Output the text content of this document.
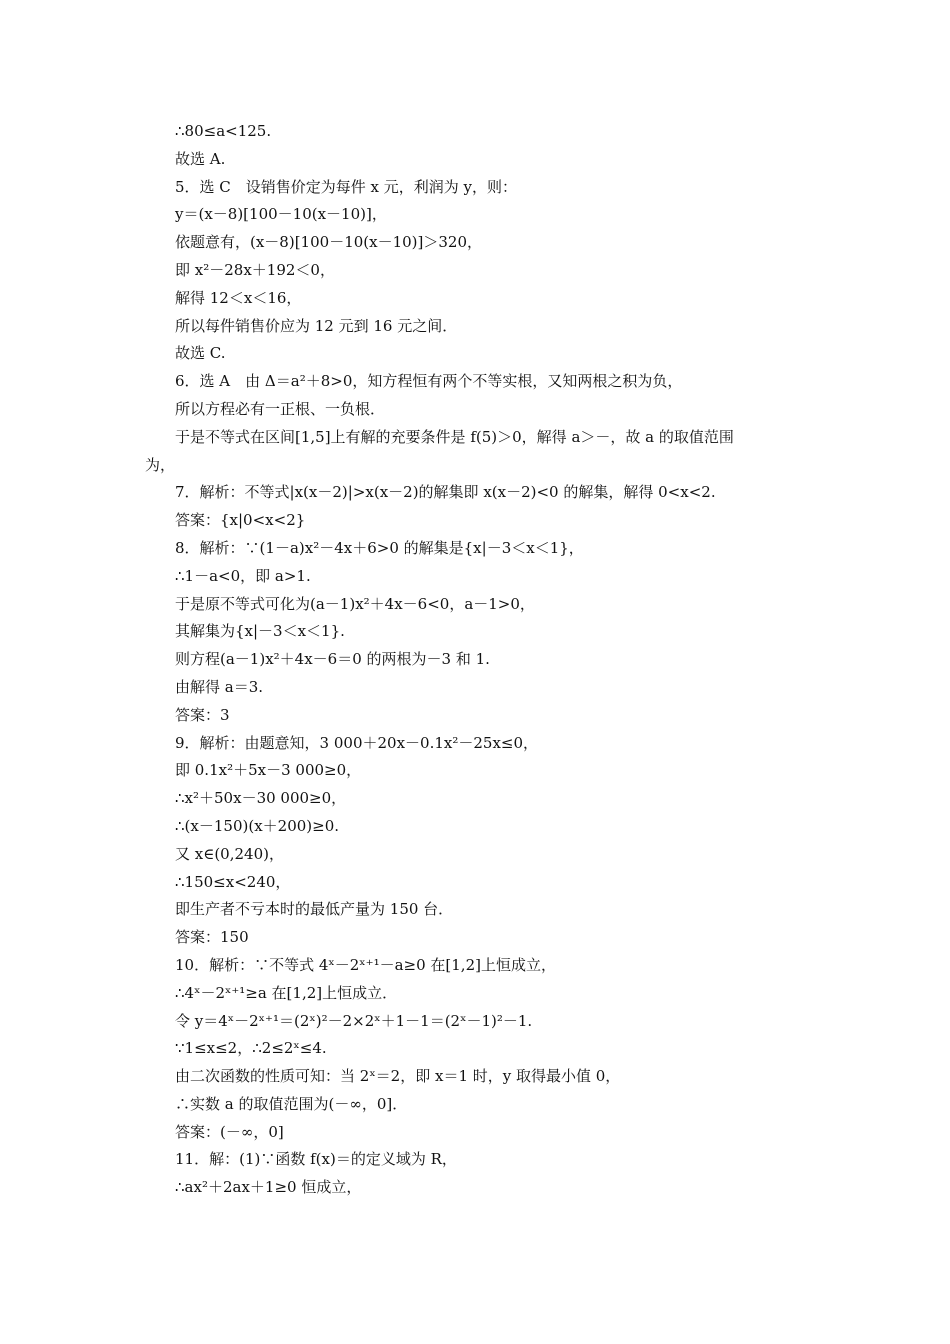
∴80≤a<125.
故选 A.
5．选 C　设销售价定为每件 x 元，利润为 y，则：
y＝(x－8)[100－10(x－10)]，
依题意有，(x－8)[100－10(x－10)]＞320，
即 x²－28x＋192＜0，
解得 12＜x＜16，
所以每件销售价应为 12 元到 16 元之间．
故选 C.
6．选 A　由 Δ＝a²＋8>0，知方程恒有两个不等实根，又知两根之积为负，
所以方程必有一正根、一负根．
于是不等式在区间[1,5]上有解的充要条件是 f(5)＞0，解得 a＞－，故 a 的取值范围
为，
7．解析：不等式|x(x－2)|>x(x－2)的解集即 x(x－2)<0 的解集，解得 0<x<2.
答案：{x|0<x<2}
8．解析：∵(1－a)x²－4x＋6>0 的解集是{x|－3＜x＜1}，
∴1－a<0，即 a>1.
于是原不等式可化为(a－1)x²＋4x－6<0，a－1>0，
其解集为{x|－3＜x＜1}.
则方程(a－1)x²＋4x－6＝0 的两根为－3 和 1.
由解得 a＝3.
答案：3
9．解析：由题意知，3 000＋20x－0.1x²－25x≤0，
即 0.1x²＋5x－3 000≥0，
∴x²＋50x－30 000≥0，
∴(x－150)(x＋200)≥0.
又 x∈(0,240)，
∴150≤x<240，
即生产者不亏本时的最低产量为 150 台．
答案：150
10．解析：∵不等式 4ˣ－2ˣ⁺¹－a≥0 在[1,2]上恒成立，
∴4ˣ－2ˣ⁺¹≥a 在[1,2]上恒成立．
令 y＝4ˣ－2ˣ⁺¹＝(2ˣ)²－2×2ˣ＋1－1＝(2ˣ－1)²－1.
∵1≤x≤2，∴2≤2ˣ≤4.
由二次函数的性质可知：当 2ˣ＝2，即 x＝1 时，y 取得最小值 0，
∴实数 a 的取值范围为(－∞，0]．
答案：(－∞，0]
11．解：(1)∵函数 f(x)＝的定义域为 R，
∴ax²＋2ax＋1≥0 恒成立，
